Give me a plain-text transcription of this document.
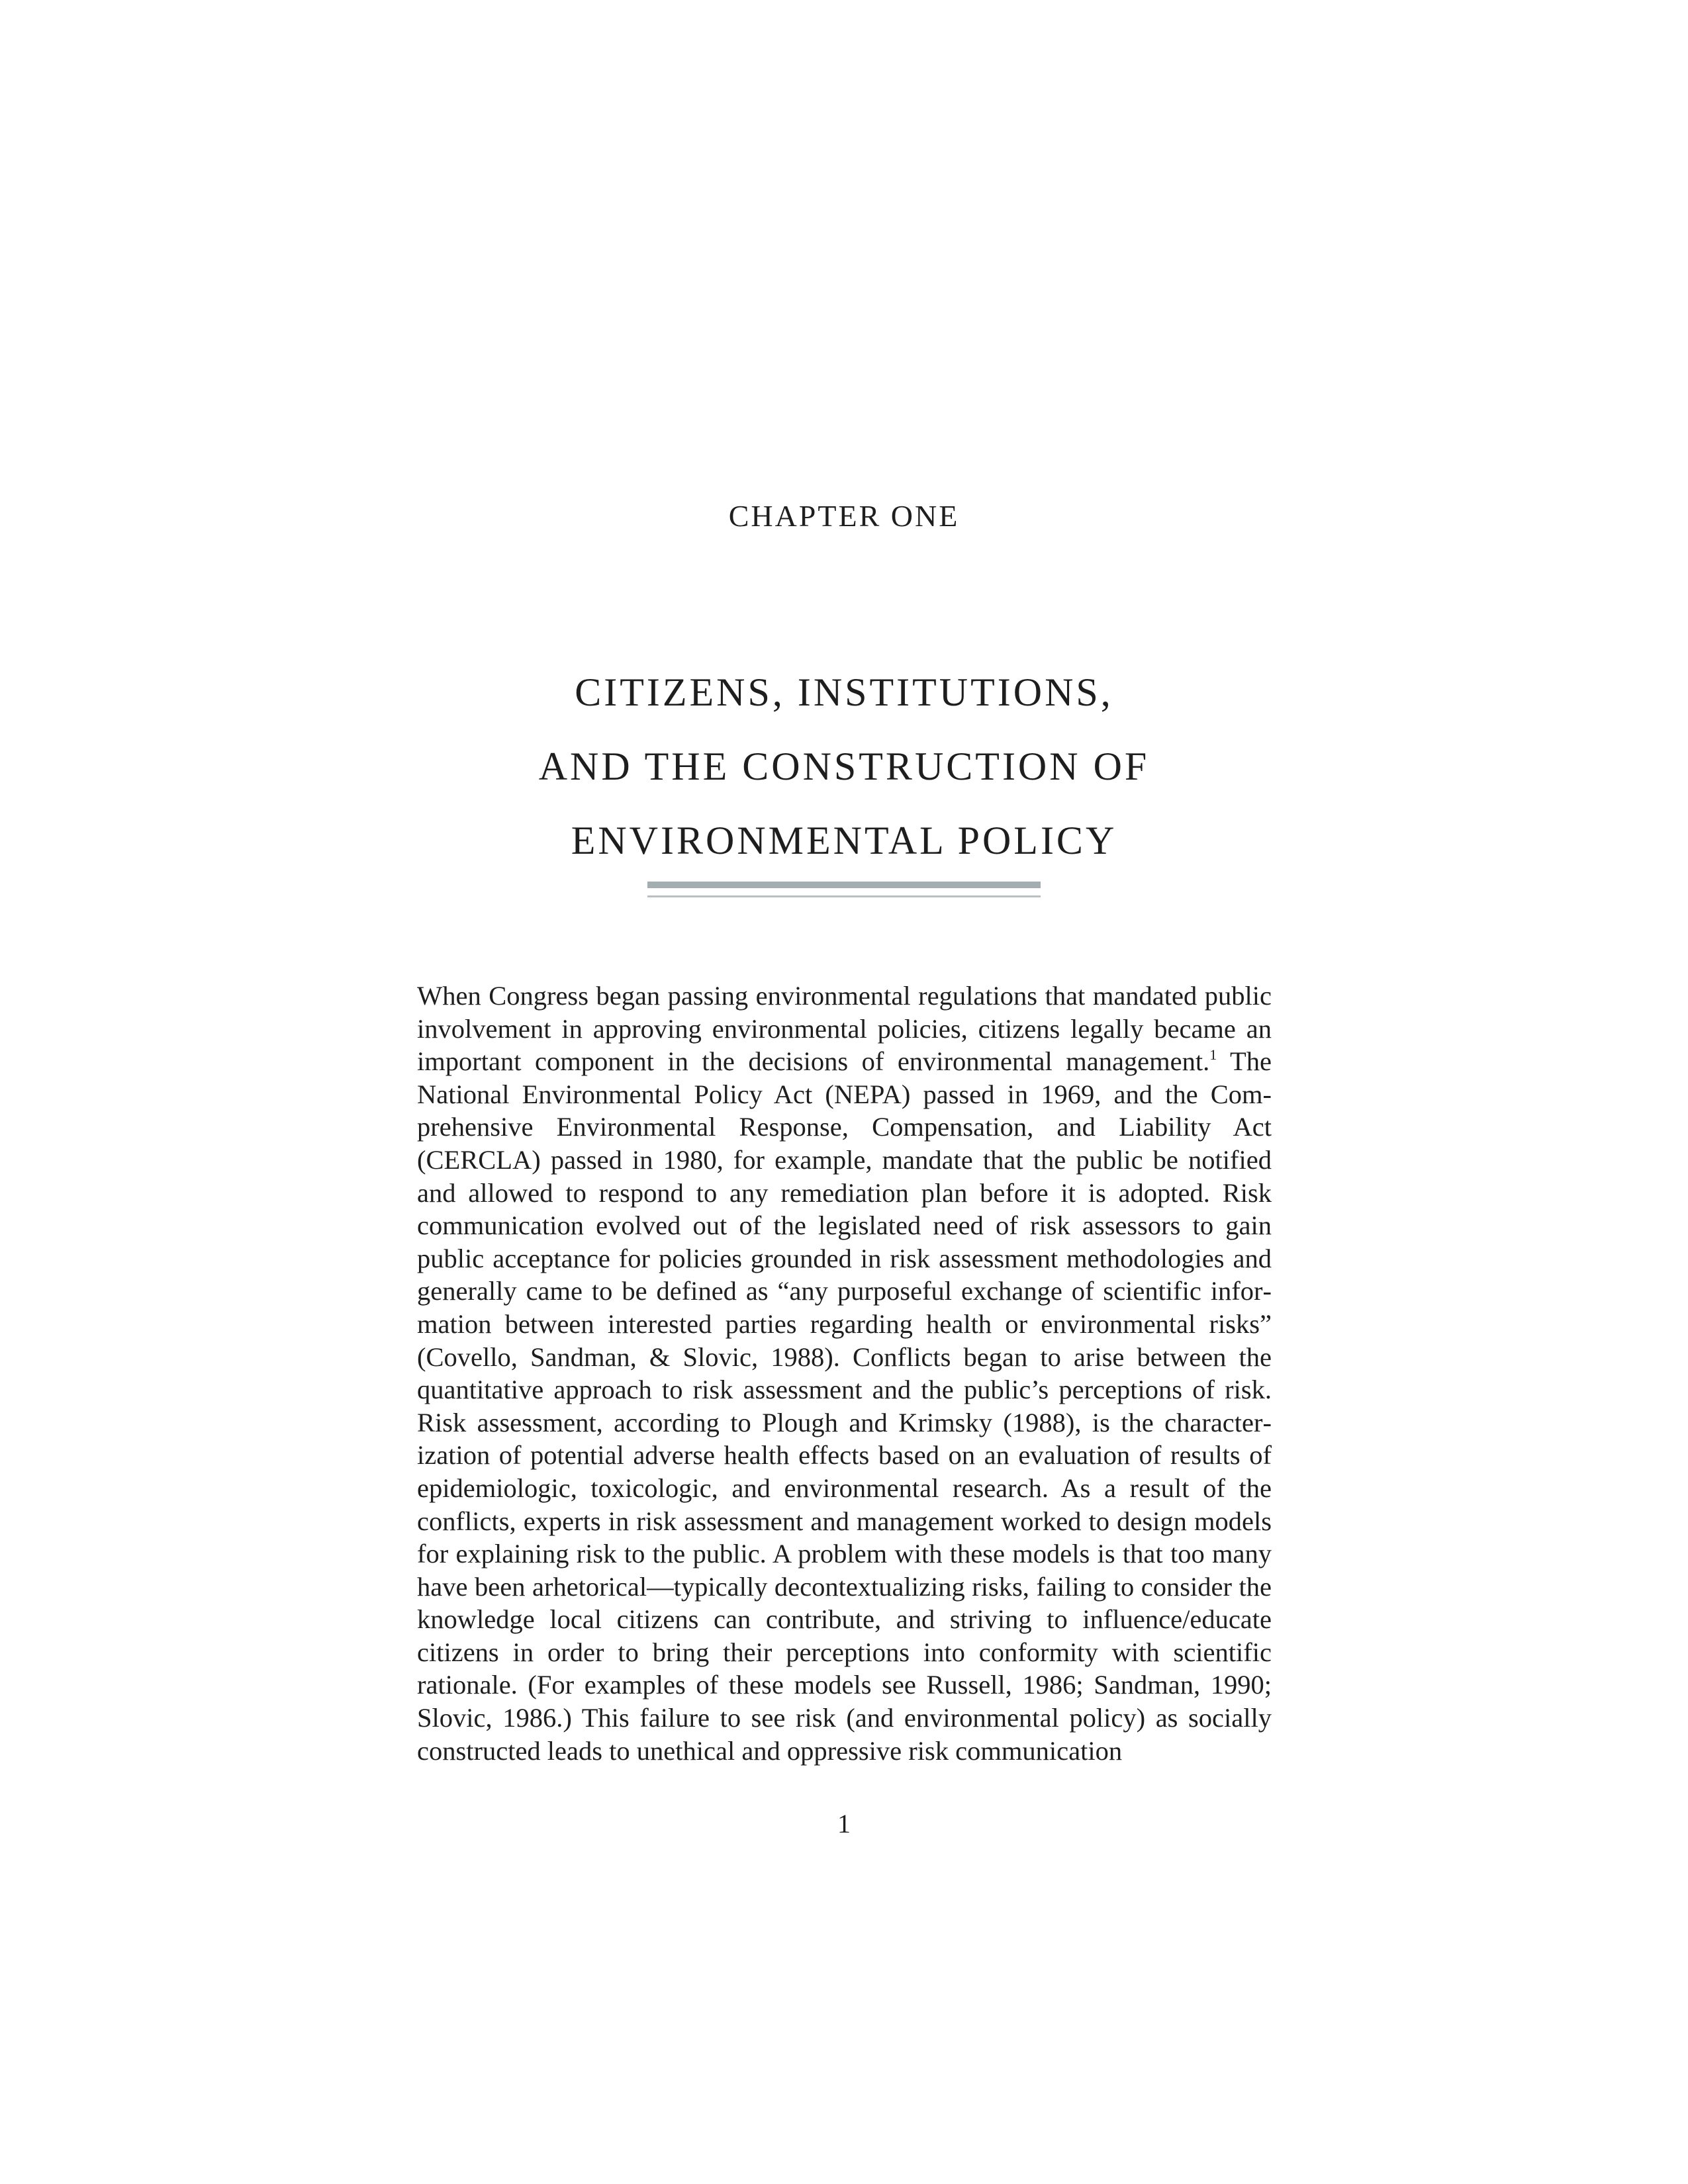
CHAPTER ONE
CITIZENS, INSTITUTIONS,
AND THE CONSTRUCTION OF
ENVIRONMENTAL POLICY

When Congress began passing environmental regulations that mandated public involvement in approving environmental policies, citizens legally became an important component in the decisions of environmental management.$^1$ The National Environmental Policy Act (NEPA) passed in 1969, and the Comprehensive Environmental Response, Compensation, and Liability Act (CERCLA) passed in 1980, for example, mandate that the public be notified and allowed to respond to any remediation plan before it is adopted. Risk communication evolved out of the legislated need of risk assessors to gain public acceptance for policies grounded in risk assessment methodologies and generally came to be defined as “any purposeful exchange of scientific information between interested parties regarding health or environmental risks” (Covello, Sandman, & Slovic, 1988). Conflicts began to arise between the quantitative approach to risk assessment and the public’s perceptions of risk. Risk assessment, according to Plough and Krimsky (1988), is the characterization of potential adverse health effects based on an evaluation of results of epidemiologic, toxicologic, and environmental research. As a result of the conflicts, experts in risk assessment and management worked to design models for explaining risk to the public. A problem with these models is that too many have been arhetorical—typically decontextualizing risks, failing to consider the knowledge local citizens can contribute, and striving to influence/​educate citizens in order to bring their perceptions into conformity with scientific rationale. (For examples of these models see Russell, 1986; Sandman, 1990; Slovic, 1986.) This failure to see risk (and environmental policy) as socially constructed leads to unethical and oppressive risk communication

1
